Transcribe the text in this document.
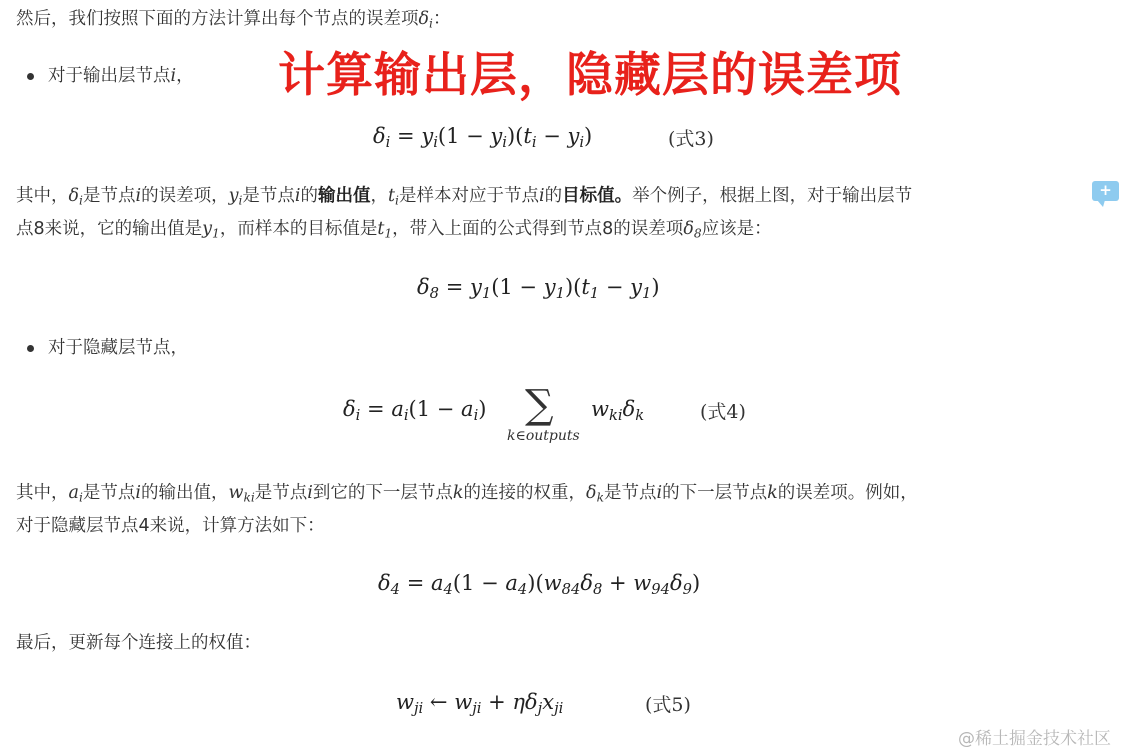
然后，我们按照下面的方法计算出每个节点的误差项$\delta_i$：
对于输出层节点i， 计算输出层，隐藏层的误差项
$\delta_i = y_i(1 - y_i)(t_i - y_i)$	(式3)
+
其中，$\delta_i$是节点i的误差项，$y_i$是节点i的输出值，$t_i$是样本对应于节点i的目标值。举个例子，根据上图，对于输出层节
点8来说，它的输出值是$y_1$，而样本的目标值是$t_1$，带入上面的公式得到节点8的误差项$\delta_8$应该是：
$\delta_8 = y_1(1 - y_1)(t_1 - y_1)$
对于隐藏层节点，
$\delta_i = a_i(1 - a_i)$ ∑
k∈outputs
$w_{ki}\delta_k$	(式4)
其中，$a_i$是节点i的输出值，$w_{ki}$是节点i到它的下一层节点k的连接的权重，$\delta_k$是节点i的下一层节点k的误差项。例如，
对于隐藏层节点4来说，计算方法如下：
$\delta_4 = a_4(1 - a_4)(w_{84}\delta_8 + w_{94}\delta_9)$
最后，更新每个连接上的权值：
$w_{ji}$ ← $w_{ji} + \eta\delta_jx_{ji}$	(式5)
@稀土掘金技术社区
